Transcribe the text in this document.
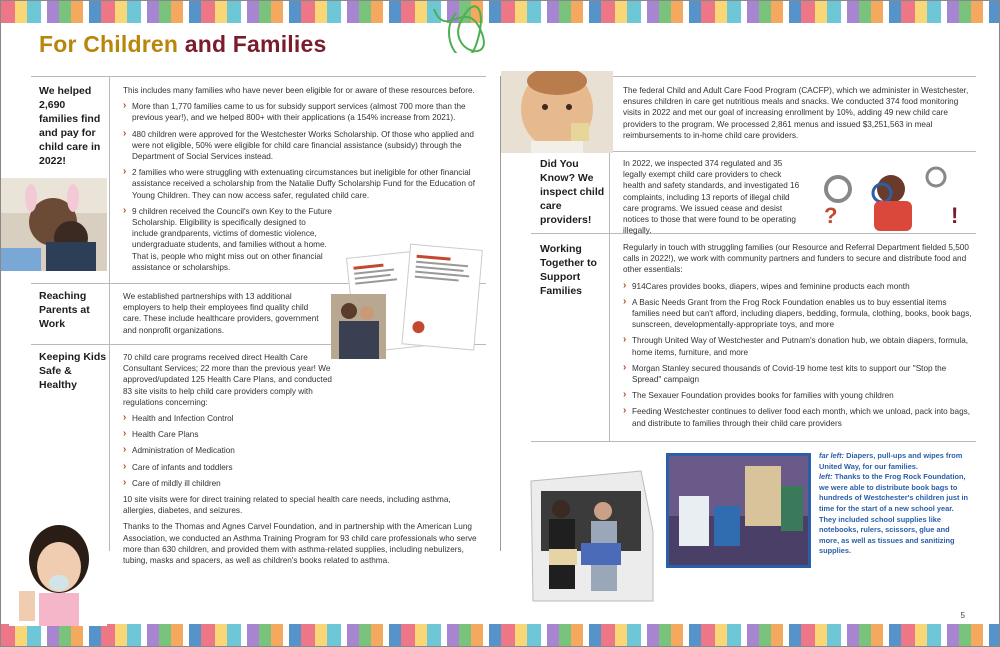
For Children and Families
We helped 2,690 families find and pay for child care in 2022!

This includes many families who have never been eligible for or aware of these resources before.

› More than 1,770 families came to us for subsidy support services (almost 700 more than the previous year!), and we helped 800+ with their applications (a 154% increase from 2021).
› 480 children were approved for the Westchester Works Scholarship. Of those who applied and were not eligible, 50% were eligible for child care financial assistance (subsidy) through the Department of Social Services instead.
› 2 families who were struggling with extenuating circumstances but ineligible for other financial assistance received a scholarship from the Natalie Duffy Scholarship Fund for the Education of Young Children. They can now access safer, regulated child care.
› 9 children received the Council's own Key to the Future Scholarship. Eligibility is specifically designed to include grandparents, victims of domestic violence, undergraduate students, and families without a home. That is, people who might miss out on other financial assistance or scholarships.
Reaching Parents at Work
We established partnerships with 13 additional employers to help their employees find quality child care. These include healthcare providers, government and nonprofit organizations.
Keeping Kids Safe & Healthy

70 child care programs received direct Health Care Consultant Services; 22 more than the previous year! We approved/updated 125 Health Care Plans, and conducted 83 site visits to help child care providers comply with regulations concerning:

› Health and Infection Control
› Health Care Plans
› Administration of Medication
› Care of infants and toddlers
› Care of mildly ill children

10 site visits were for direct training related to special health care needs, including asthma, allergies, diabetes, and seizures.

Thanks to the Thomas and Agnes Carvel Foundation, and in partnership with the American Lung Association, we conducted an Asthma Training Program for 93 child care professionals who serve more than 630 children, and provided them with asthma-related supplies, including nebulizers, tubing, masks and spacers, as well as children's books related to asthma.

The federal Child and Adult Care Food Program (CACFP), which we administer in Westchester, ensures children in care get nutritious meals and snacks. We conducted 374 food monitoring visits in 2022 and met our goal of increasing enrollment by 10%, adding 49 new child care providers to the program. We processed 2,861 menus and issued $3,251,563 in meal reimbursements to in-home child care providers.
Did You Know? We inspect child care providers!
In 2022, we inspected 374 regulated and 35 legally exempt child care providers to check health and safety standards, and investigated 16 complaints, including 13 reports of illegal child care programs. We issued cease and desist notices to those that were found to be operating illegally.
?	!
Working Together to Support Families

Regularly in touch with struggling families (our Resource and Referral Department fielded 5,500 calls in 2022!), we work with community partners and funders to secure and distribute food and other essentials:

› 914Cares provides books, diapers, wipes and feminine products each month
› A Basic Needs Grant from the Frog Rock Foundation enables us to buy essential items families need but can't afford, including diapers, bedding, formula, clothing, books, book bags, sunscreen, developmentally-appropriate toys, and more
› Through United Way of Westchester and Putnam's donation hub, we obtain diapers, formula, home items, furniture, and more
› Morgan Stanley secured thousands of Covid-19 home test kits to support our "Stop the Spread" campaign
› The Sexauer Foundation provides books for families with young children
› Feeding Westchester continues to deliver food each month, which we unload, pack into bags, and distribute to families through their child care providers
far left: Diapers, pull-ups and wipes from United Way, for our families.
left: Thanks to the Frog Rock Foundation, we were able to distribute book bags to hundreds of Westchester's children just in time for the start of a new school year. They included school supplies like notebooks, rulers, scissors, glue and more, as well as tissues and sanitizing supplies.
5
